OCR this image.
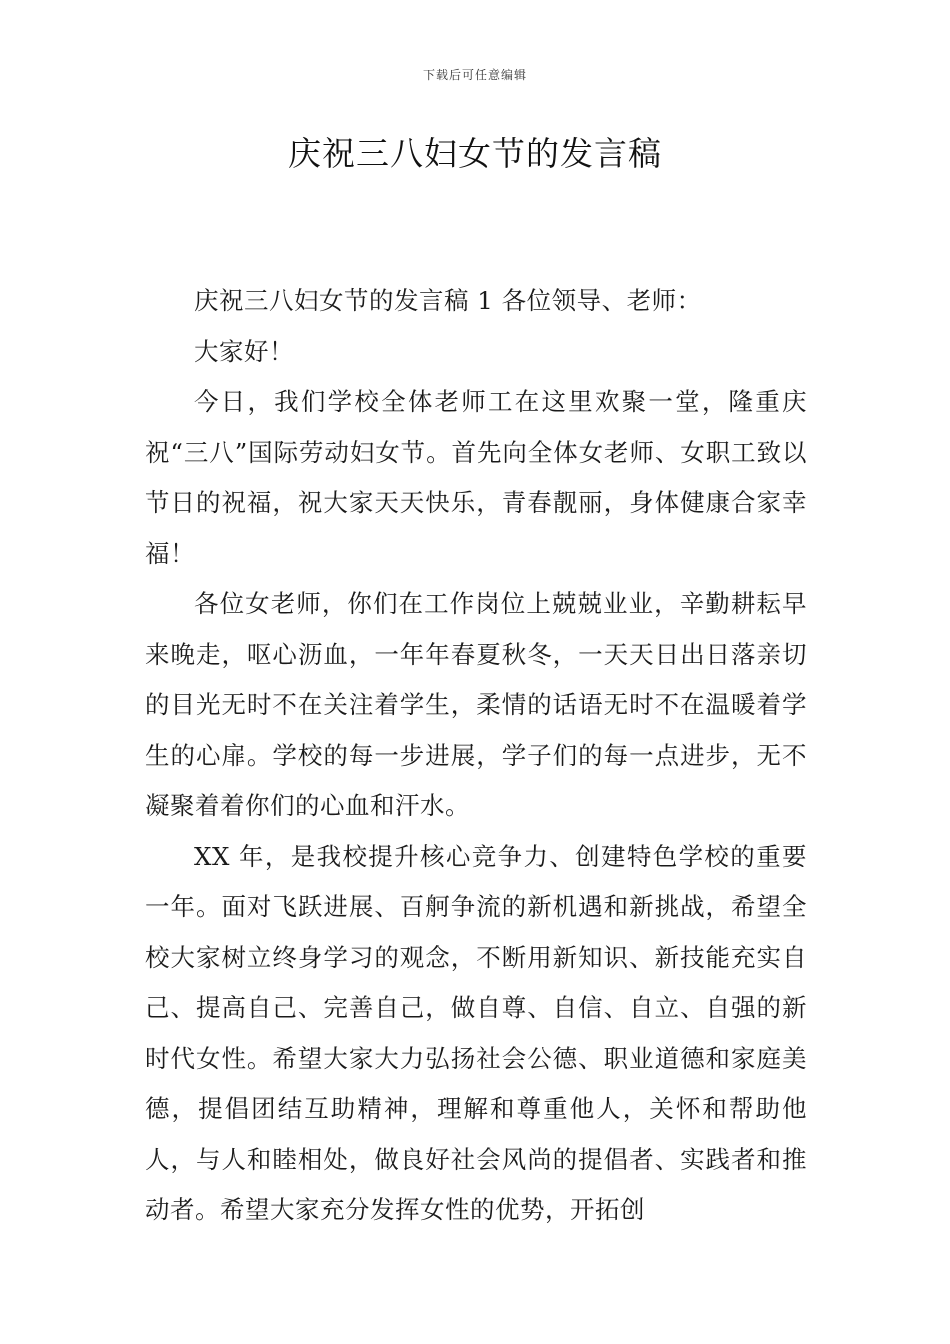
下载后可任意编辑
庆祝三八妇女节的发言稿

庆祝三八妇女节的发言稿 1 各位领导、老师：

大家好！

今日，我们学校全体老师工在这里欢聚一堂，隆重庆祝“三八”国际劳动妇女节。首先向全体女老师、女职工致以节日的祝福，祝大家天天快乐，青春靓丽，身体健康合家幸福！

各位女老师，你们在工作岗位上兢兢业业，辛勤耕耘早来晚走，呕心沥血，一年年春夏秋冬，一天天日出日落亲切的目光无时不在关注着学生，柔情的话语无时不在温暖着学生的心扉。学校的每一步进展，学子们的每一点进步，无不凝聚着着你们的心血和汗水。

XX 年，是我校提升核心竞争力、创建特色学校的重要一年。面对飞跃进展、百舸争流的新机遇和新挑战，希望全校大家树立终身学习的观念，不断用新知识、新技能充实自己、提高自己、完善自己，做自尊、自信、自立、自强的新时代女性。希望大家大力弘扬社会公德、职业道德和家庭美德，提倡团结互助精神，理解和尊重他人，关怀和帮助他人，与人和睦相处，做良好社会风尚的提倡者、实践者和推动者。希望大家充分发挥女性的优势，开拓创
